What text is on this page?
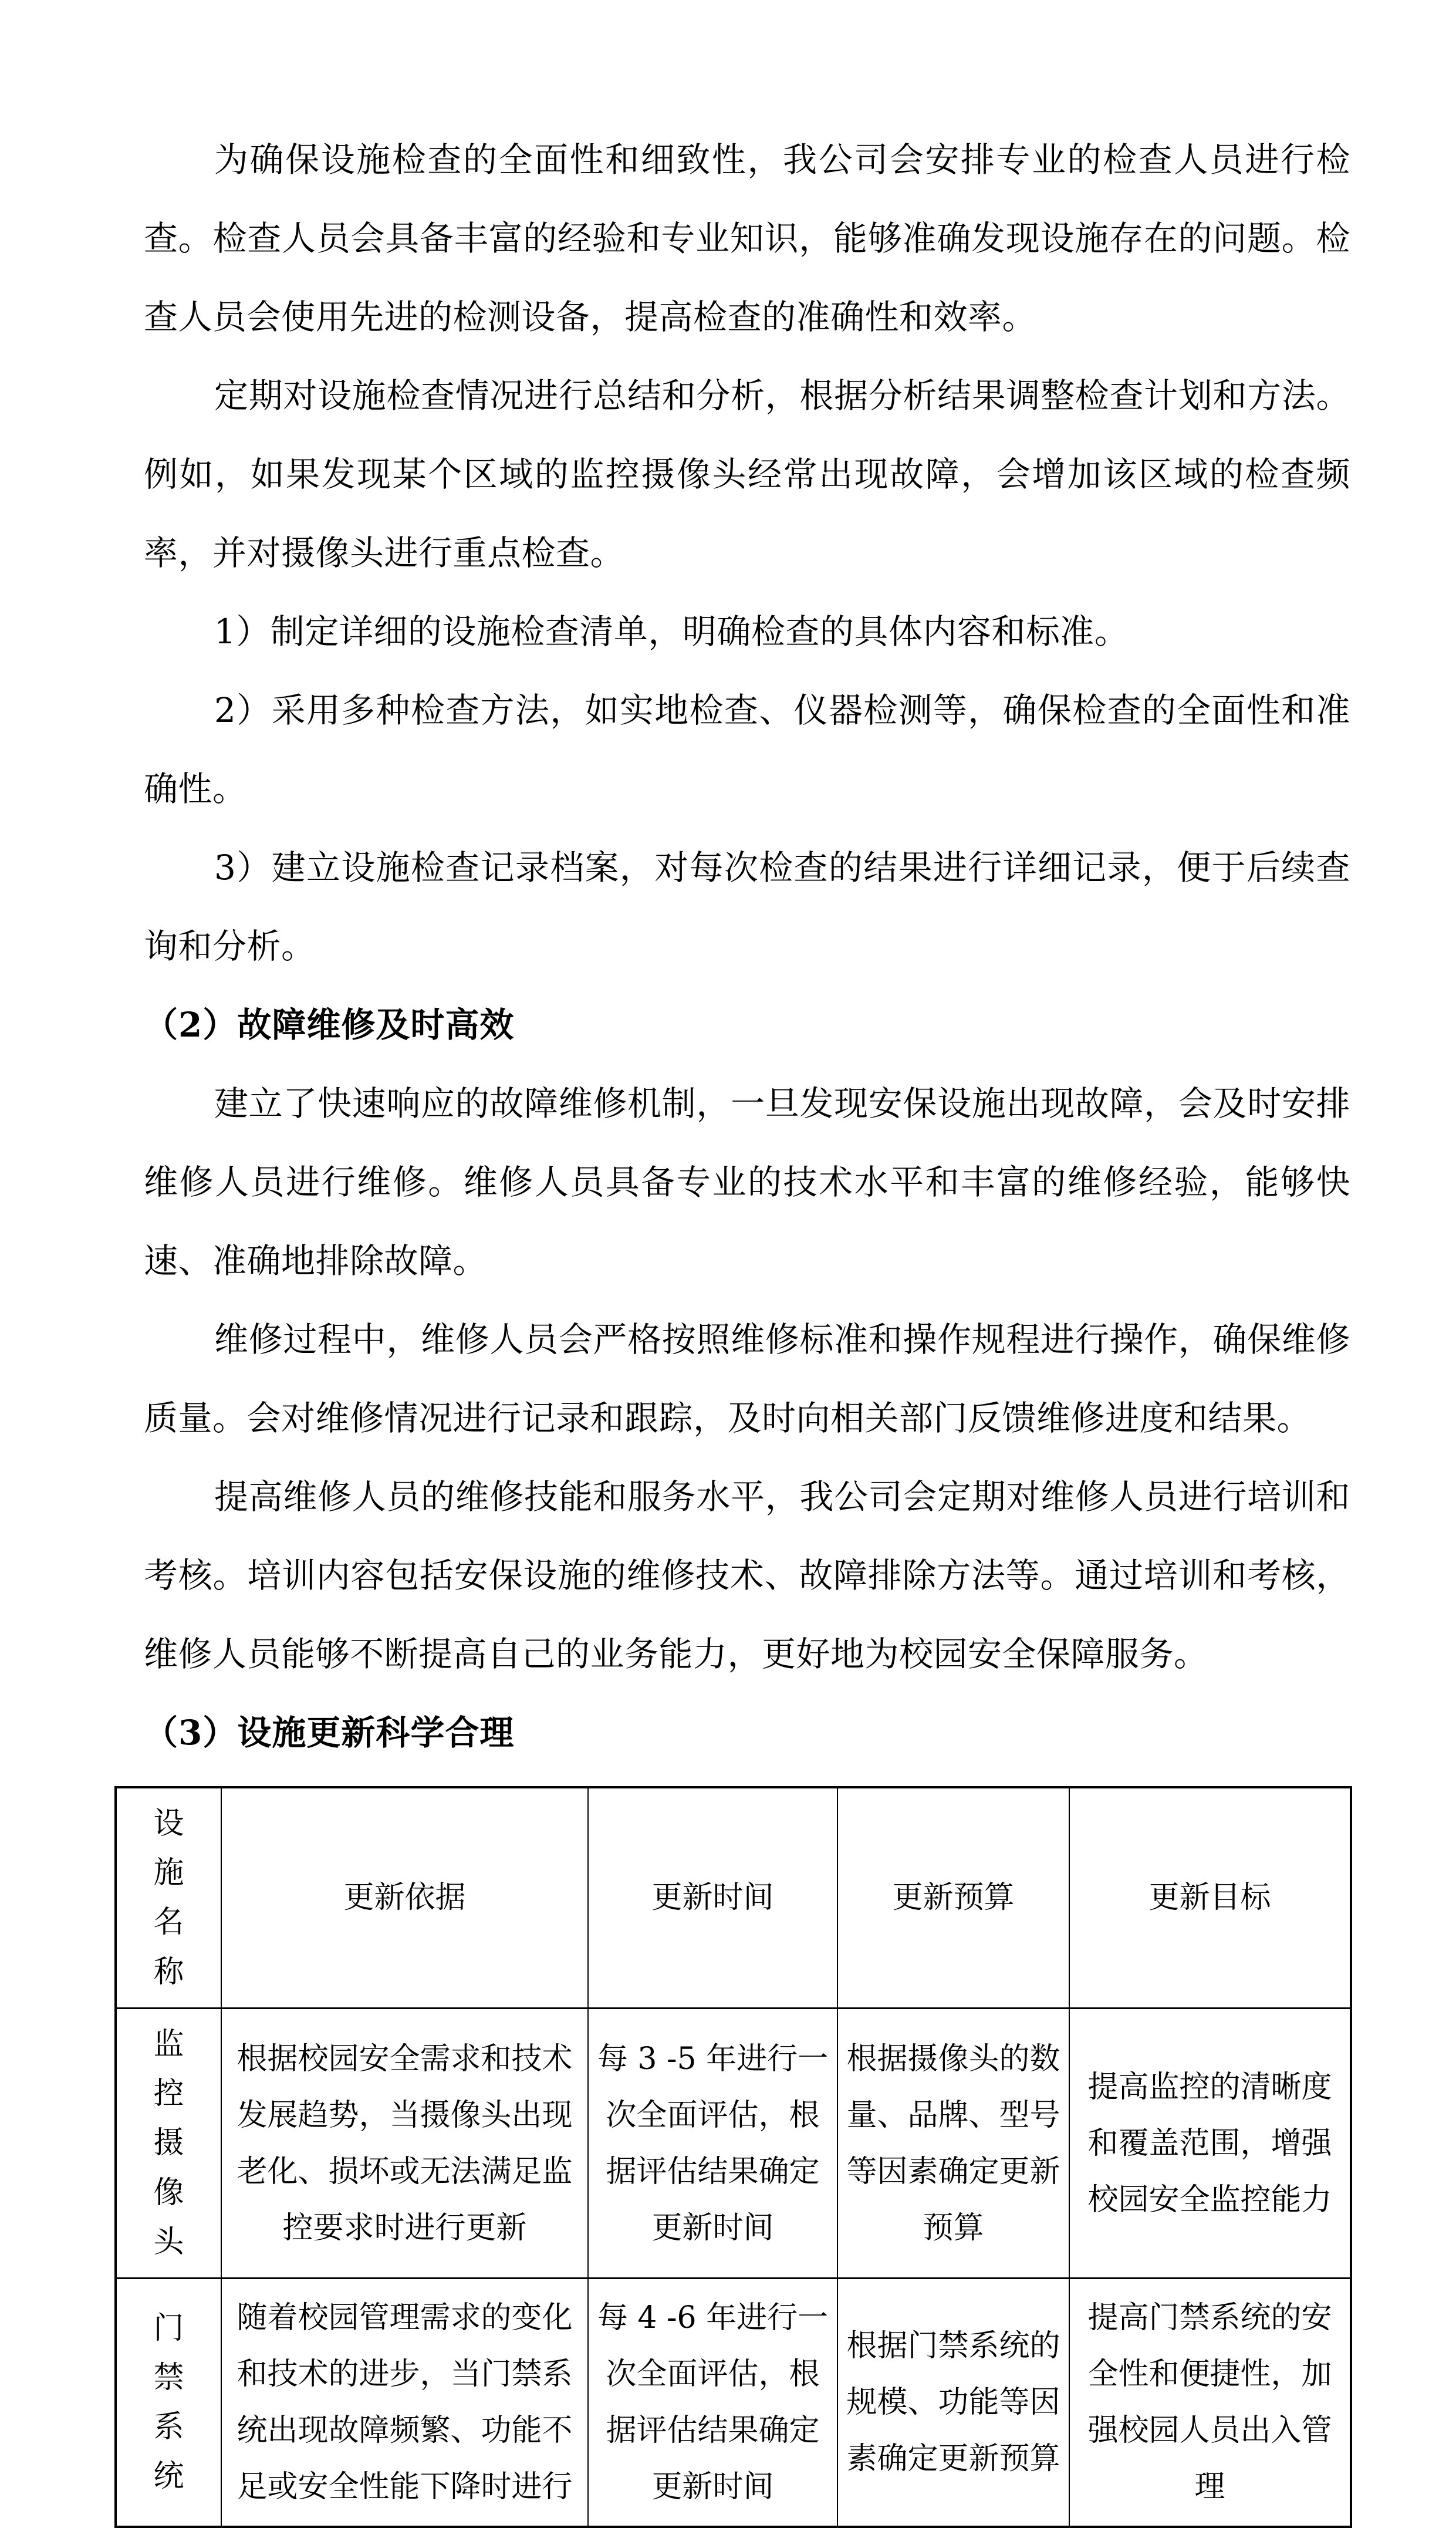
为确保设施检查的全面性和细致性，我公司会安排专业的检查人员进行检查。检查人员会具备丰富的经验和专业知识，能够准确发现设施存在的问题。检查人员会使用先进的检测设备，提高检查的准确性和效率。

定期对设施检查情况进行总结和分析，根据分析结果调整检查计划和方法。例如，如果发现某个区域的监控摄像头经常出现故障，会增加该区域的检查频率，并对摄像头进行重点检查。

1）制定详细的设施检查清单，明确检查的具体内容和标准。

2）采用多种检查方法，如实地检查、仪器检测等，确保检查的全面性和准确性。

3）建立设施检查记录档案，对每次检查的结果进行详细记录，便于后续查询和分析。

（2）故障维修及时高效

建立了快速响应的故障维修机制，一旦发现安保设施出现故障，会及时安排维修人员进行维修。维修人员具备专业的技术水平和丰富的维修经验，能够快速、准确地排除故障。

维修过程中，维修人员会严格按照维修标准和操作规程进行操作，确保维修质量。会对维修情况进行记录和跟踪，及时向相关部门反馈维修进度和结果。

提高维修人员的维修技能和服务水平，我公司会定期对维修人员进行培训和考核。培训内容包括安保设施的维修技术、故障排除方法等。通过培训和考核，维修人员能够不断提高自己的业务能力，更好地为校园安全保障服务。

（3）设施更新科学合理

设
施
名
称	更新依据	更新时间	更新预算	更新目标

监
控
摄
像
头	根据校园安全需求和技术发展趋势，当摄像头出现老化、损坏或无法满足监控要求时进行更新	每 3 -5 年进行一次全面评估，根据评估结果确定更新时间	根据摄像头的数量、品牌、型号等因素确定更新预算	提高监控的清晰度和覆盖范围，增强校园安全监控能力

门
禁
系
统	随着校园管理需求的变化和技术的进步，当门禁系统出现故障频繁、功能不足或安全性能下降时进行	每 4 -6 年进行一次全面评估，根据评估结果确定更新时间	根据门禁系统的规模、功能等因素确定更新预算	提高门禁系统的安全性和便捷性，加强校园人员出入管理
